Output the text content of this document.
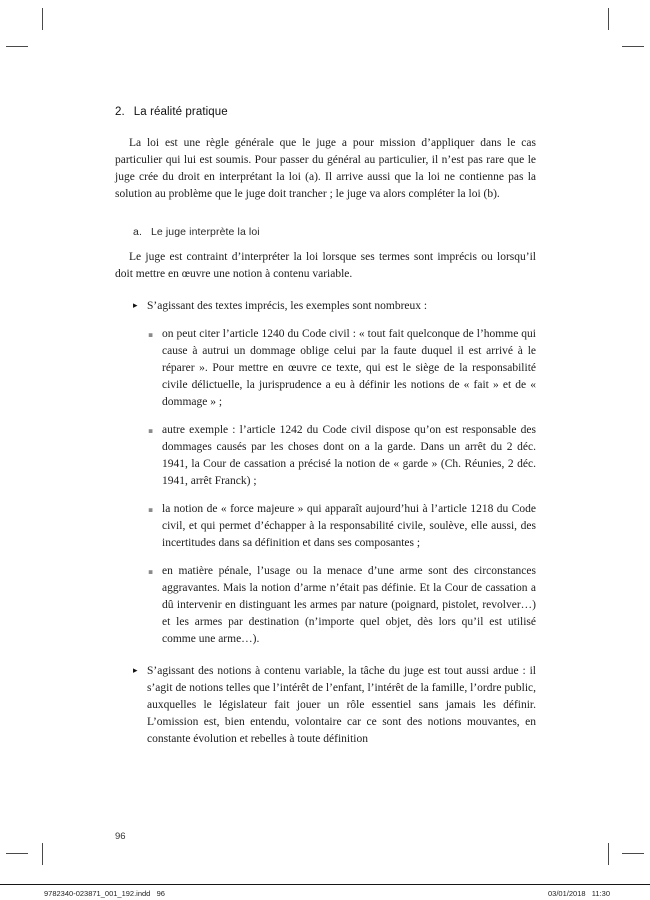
2. La réalité pratique

La loi est une règle générale que le juge a pour mission d’appliquer dans le cas particulier qui lui est soumis. Pour passer du général au particulier, il n’est pas rare que le juge crée du droit en interprétant la loi (a). Il arrive aussi que la loi ne contienne pas la solution au problème que le juge doit trancher ; le juge va alors compléter la loi (b).

a. Le juge interprète la loi

Le juge est contraint d’interpréter la loi lorsque ses termes sont imprécis ou lorsqu’il doit mettre en œuvre une notion à contenu variable.

▸ S’agissant des textes imprécis, les exemples sont nombreux :
▪ on peut citer l’article 1240 du Code civil : « tout fait quelconque de l’homme qui cause à autrui un dommage oblige celui par la faute duquel il est arrivé à le réparer ». Pour mettre en œuvre ce texte, qui est le siège de la responsabilité civile délictuelle, la jurisprudence a eu à définir les notions de « fait » et de « dommage » ;
▪ autre exemple : l’article 1242 du Code civil dispose qu’on est responsable des dommages causés par les choses dont on a la garde. Dans un arrêt du 2 déc. 1941, la Cour de cassation a précisé la notion de « garde » (Ch. Réunies, 2 déc. 1941, arrêt Franck) ;
▪ la notion de « force majeure » qui apparaît aujourd’hui à l’article 1218 du Code civil, et qui permet d’échapper à la responsabilité civile, soulève, elle aussi, des incertitudes dans sa définition et dans ses composantes ;
▪ en matière pénale, l’usage ou la menace d’une arme sont des circonstances aggravantes. Mais la notion d’arme n’était pas définie. Et la Cour de cassation a dû intervenir en distinguant les armes par nature (poignard, pistolet, revolver…) et les armes par destination (n’importe quel objet, dès lors qu’il est utilisé comme une arme…).
▸ S’agissant des notions à contenu variable, la tâche du juge est tout aussi ardue : il s’agit de notions telles que l’intérêt de l’enfant, l’intérêt de la famille, l’ordre public, auxquelles le législateur fait jouer un rôle essentiel sans jamais les définir. L’omission est, bien entendu, volontaire car ce sont des notions mouvantes, en constante évolution et rebelles à toute définition
96
9782340-023871_001_192.indd   96	03/01/2018   11:30
